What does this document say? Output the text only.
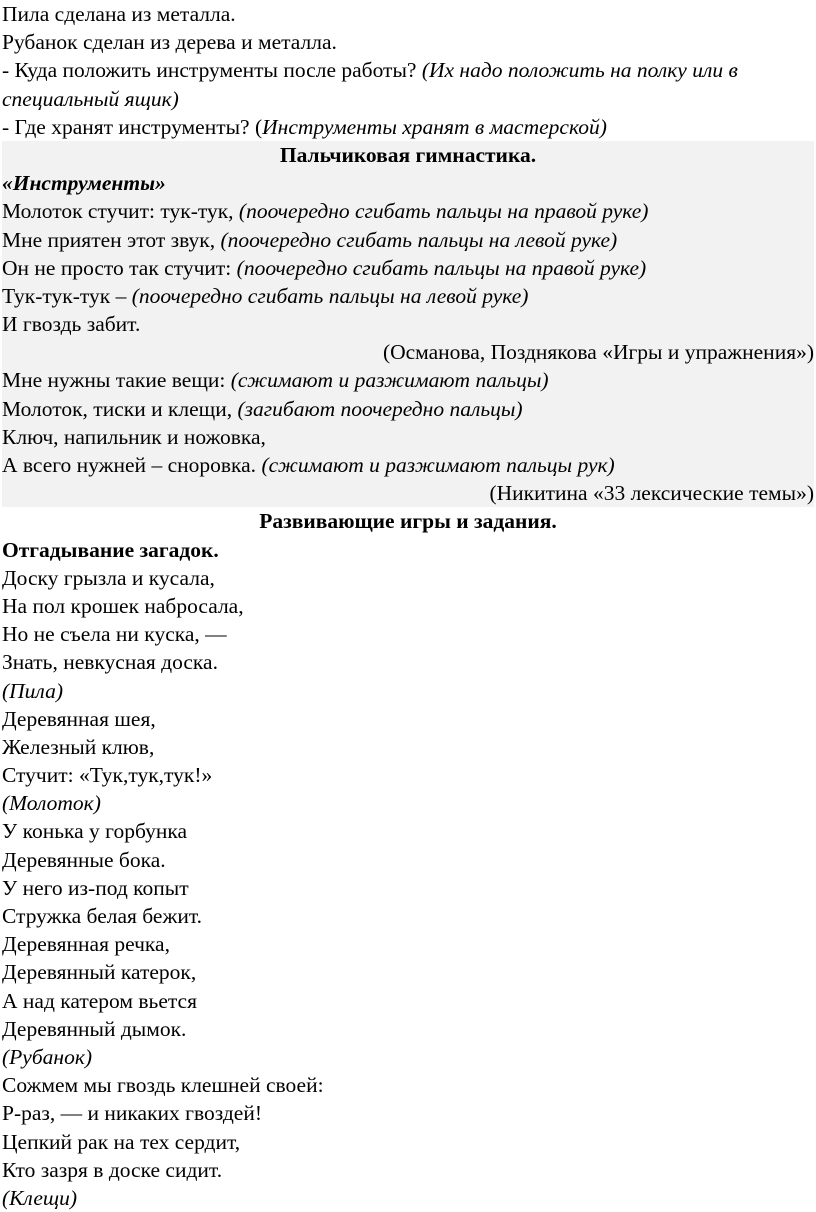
Пила сделана из металла.
Рубанок сделан из дерева и металла.
- Куда положить инструменты после работы? (Их надо положить на полку или в специальный ящик)
- Где хранят инструменты? (Инструменты хранят в мастерской)
Пальчиковая гимнастика.
«Инструменты»
Молоток стучит: тук-тук, (поочередно сгибать пальцы на правой руке)
Мне приятен этот звук, (поочередно сгибать пальцы на левой руке)
Он не просто так стучит: (поочередно сгибать пальцы на правой руке)
Тук-тук-тук – (поочередно сгибать пальцы на левой руке)
И гвоздь забит.
(Османова, Позднякова «Игры и упражнения»)
Мне нужны такие вещи: (сжимают и разжимают пальцы)
Молоток, тиски и клещи, (загибают поочередно пальцы)
Ключ, напильник и ножовка,
А всего нужней – сноровка. (сжимают и разжимают пальцы рук)
(Никитина «33 лексические темы»)
Развивающие игры и задания.
Отгадывание загадок.
Доску грызла и кусала,
На пол крошек набросала,
Но не съела ни куска, —
Знать, невкусная доска.
(Пила)
Деревянная шея,
Железный клюв,
Стучит: «Тук,тук,тук!»
(Молоток)
У конька у горбунка
Деревянные бока.
У него из-под копыт
Стружка белая бежит.
Деревянная речка,
Деревянный катерок,
А над катером вьется
Деревянный дымок.
(Рубанок)
Сожмем мы гвоздь клешней своей:
Р-раз, — и никаких гвоздей!
Цепкий рак на тех сердит,
Кто зазря в доске сидит.
(Клещи)
